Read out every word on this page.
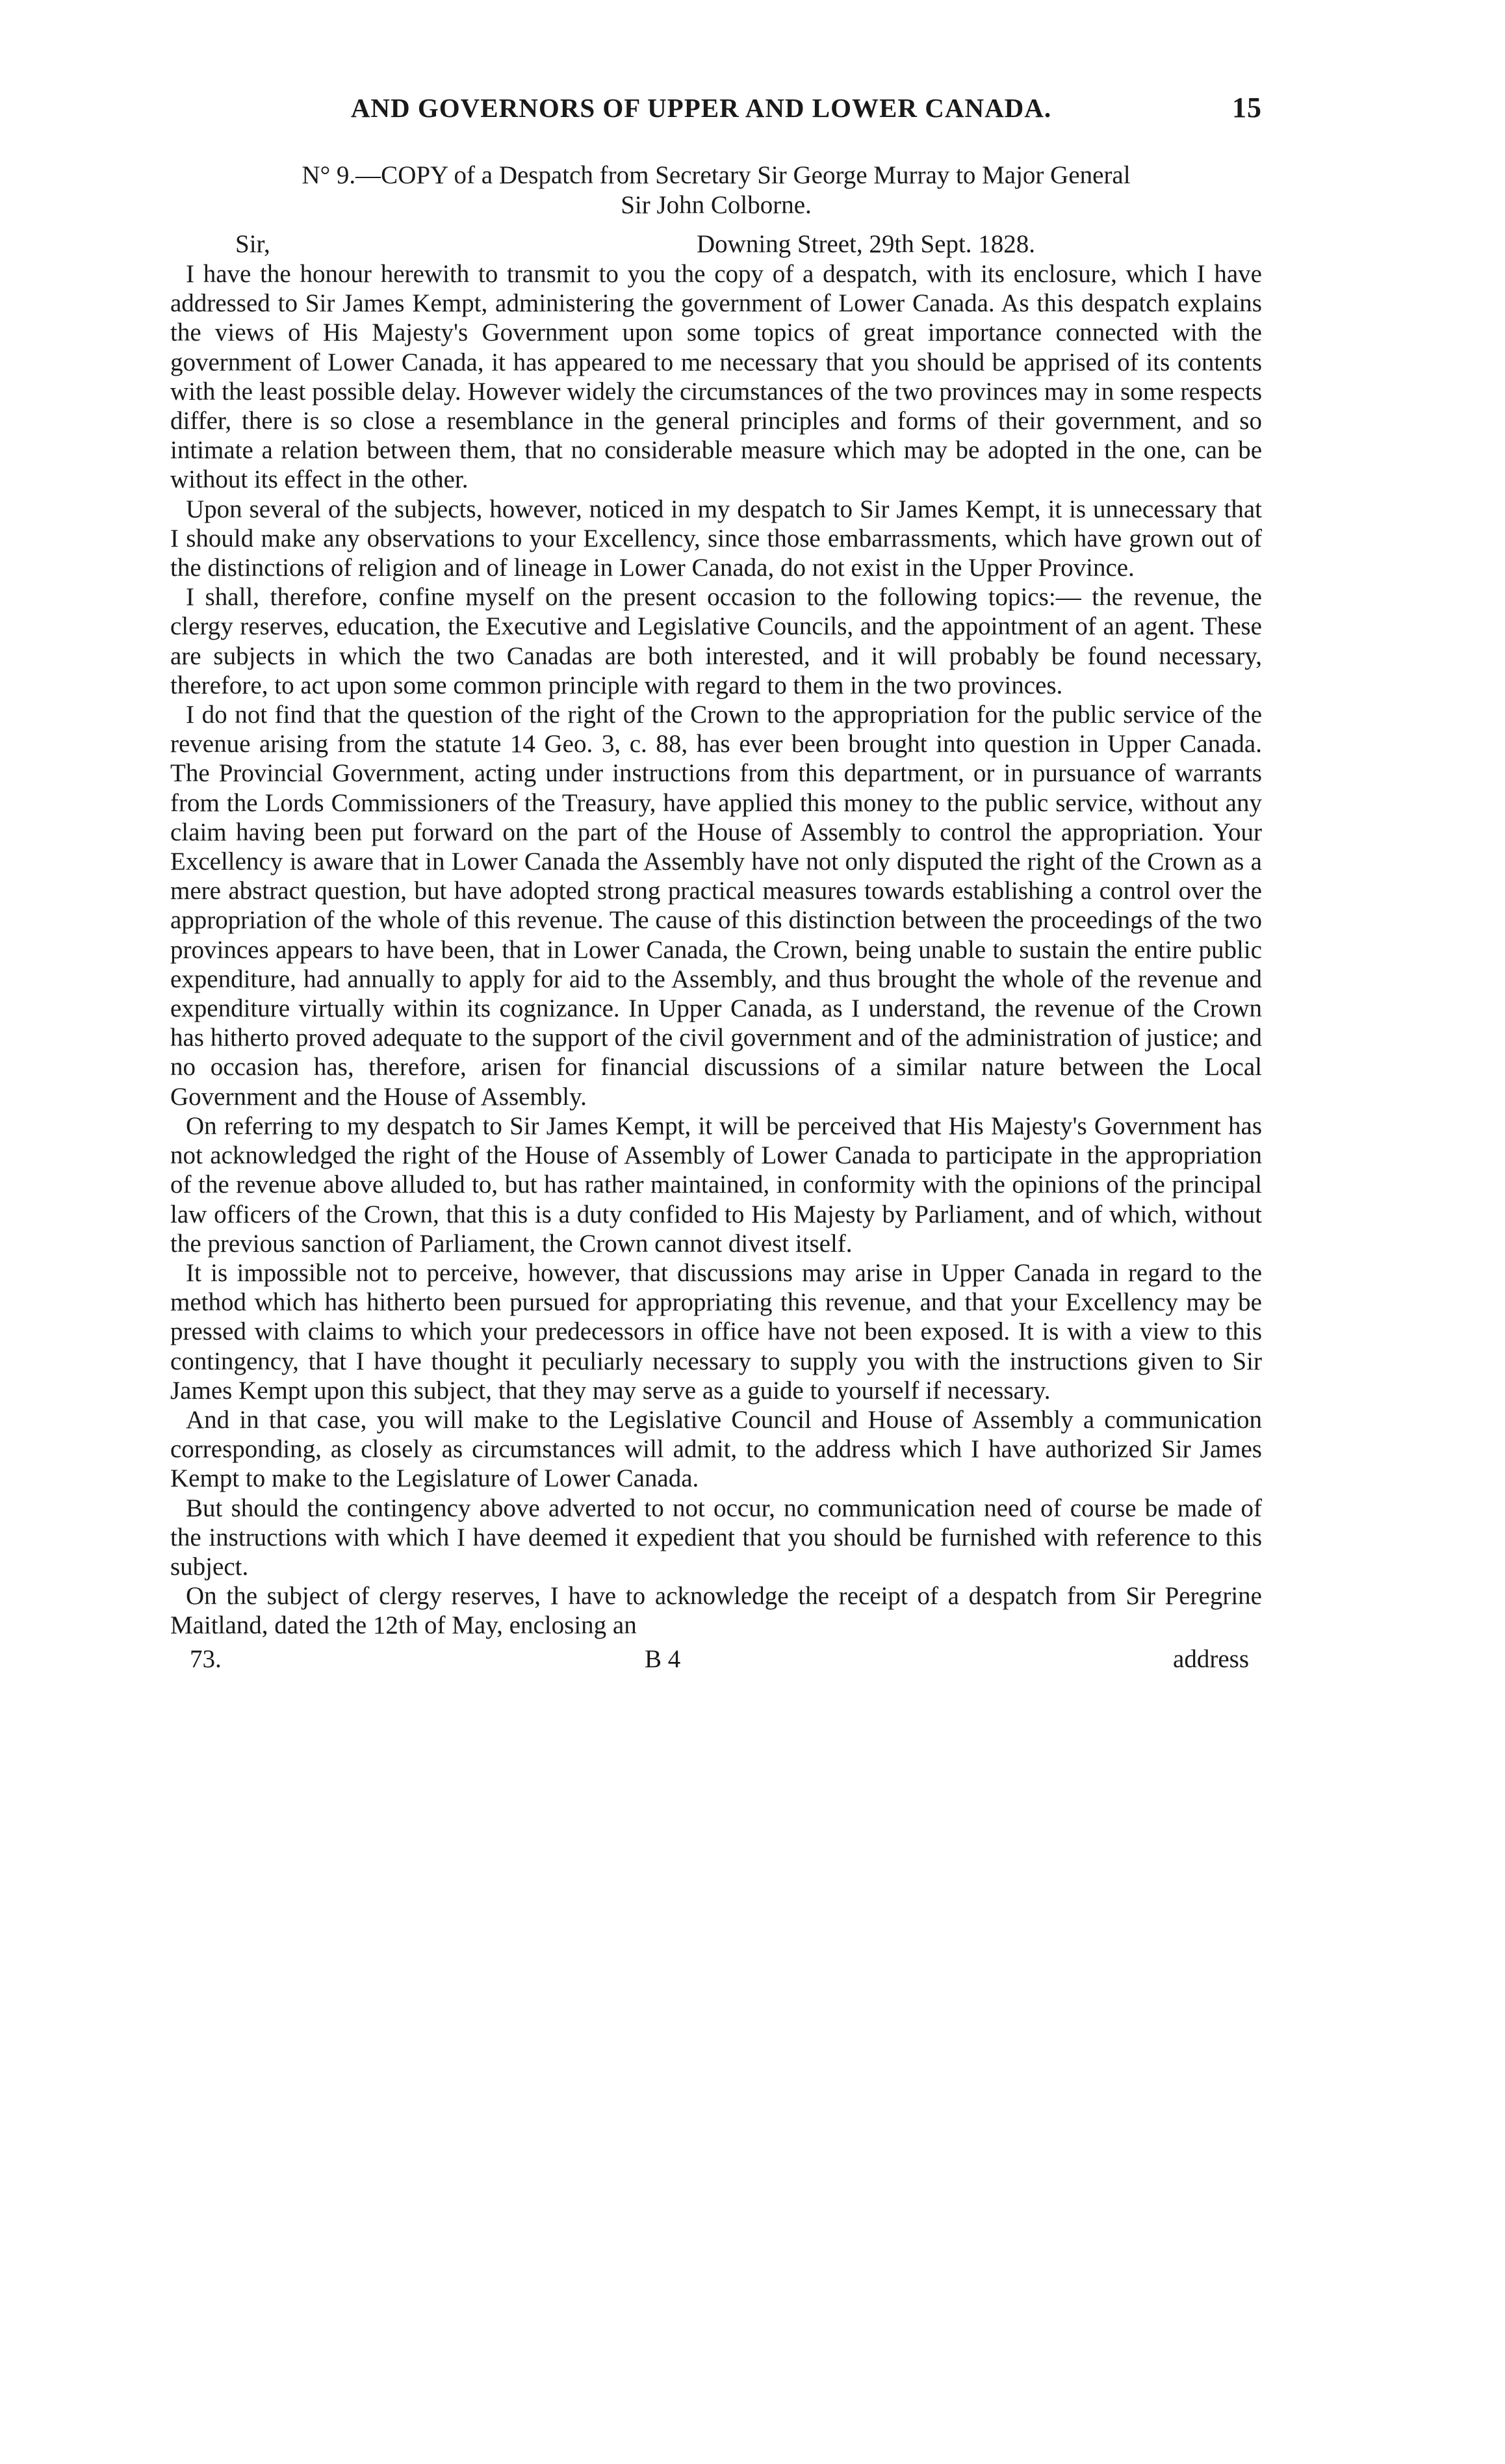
AND GOVERNORS OF UPPER AND LOWER CANADA.	15
N° 9.—COPY of a Despatch from Secretary Sir George Murray to Major General
Sir John Colborne.
Sir,	Downing Street, 29th Sept. 1828.

I have the honour herewith to transmit to you the copy of a despatch, with its enclosure, which I have addressed to Sir James Kempt, administering the government of Lower Canada. As this despatch explains the views of His Majesty's Government upon some topics of great importance connected with the government of Lower Canada, it has appeared to me necessary that you should be apprised of its contents with the least possible delay. However widely the circumstances of the two provinces may in some respects differ, there is so close a resemblance in the general principles and forms of their government, and so intimate a relation between them, that no considerable measure which may be adopted in the one, can be without its effect in the other.

Upon several of the subjects, however, noticed in my despatch to Sir James Kempt, it is unnecessary that I should make any observations to your Excellency, since those embarrassments, which have grown out of the distinctions of religion and of lineage in Lower Canada, do not exist in the Upper Province.

I shall, therefore, confine myself on the present occasion to the following topics:— the revenue, the clergy reserves, education, the Executive and Legislative Councils, and the appointment of an agent. These are subjects in which the two Canadas are both interested, and it will probably be found necessary, therefore, to act upon some common principle with regard to them in the two provinces.

I do not find that the question of the right of the Crown to the appropriation for the public service of the revenue arising from the statute 14 Geo. 3, c. 88, has ever been brought into question in Upper Canada. The Provincial Government, acting under instructions from this department, or in pursuance of warrants from the Lords Commissioners of the Treasury, have applied this money to the public service, without any claim having been put forward on the part of the House of Assembly to control the appropriation. Your Excellency is aware that in Lower Canada the Assembly have not only disputed the right of the Crown as a mere abstract question, but have adopted strong practical measures towards establishing a control over the appropriation of the whole of this revenue. The cause of this distinction between the proceedings of the two provinces appears to have been, that in Lower Canada, the Crown, being unable to sustain the entire public expenditure, had annually to apply for aid to the Assembly, and thus brought the whole of the revenue and expenditure virtually within its cognizance. In Upper Canada, as I understand, the revenue of the Crown has hitherto proved adequate to the support of the civil government and of the administration of justice; and no occasion has, therefore, arisen for financial discussions of a similar nature between the Local Government and the House of Assembly.

On referring to my despatch to Sir James Kempt, it will be perceived that His Majesty's Government has not acknowledged the right of the House of Assembly of Lower Canada to participate in the appropriation of the revenue above alluded to, but has rather maintained, in conformity with the opinions of the principal law officers of the Crown, that this is a duty confided to His Majesty by Parliament, and of which, without the previous sanction of Parliament, the Crown cannot divest itself.

It is impossible not to perceive, however, that discussions may arise in Upper Canada in regard to the method which has hitherto been pursued for appropriating this revenue, and that your Excellency may be pressed with claims to which your predecessors in office have not been exposed. It is with a view to this contingency, that I have thought it peculiarly necessary to supply you with the instructions given to Sir James Kempt upon this subject, that they may serve as a guide to yourself if necessary.

And in that case, you will make to the Legislative Council and House of Assembly a communication corresponding, as closely as circumstances will admit, to the address which I have authorized Sir James Kempt to make to the Legislature of Lower Canada.

But should the contingency above adverted to not occur, no communication need of course be made of the instructions with which I have deemed it expedient that you should be furnished with reference to this subject.

On the subject of clergy reserves, I have to acknowledge the receipt of a despatch from Sir Peregrine Maitland, dated the 12th of May, enclosing an

73.	B 4	address
